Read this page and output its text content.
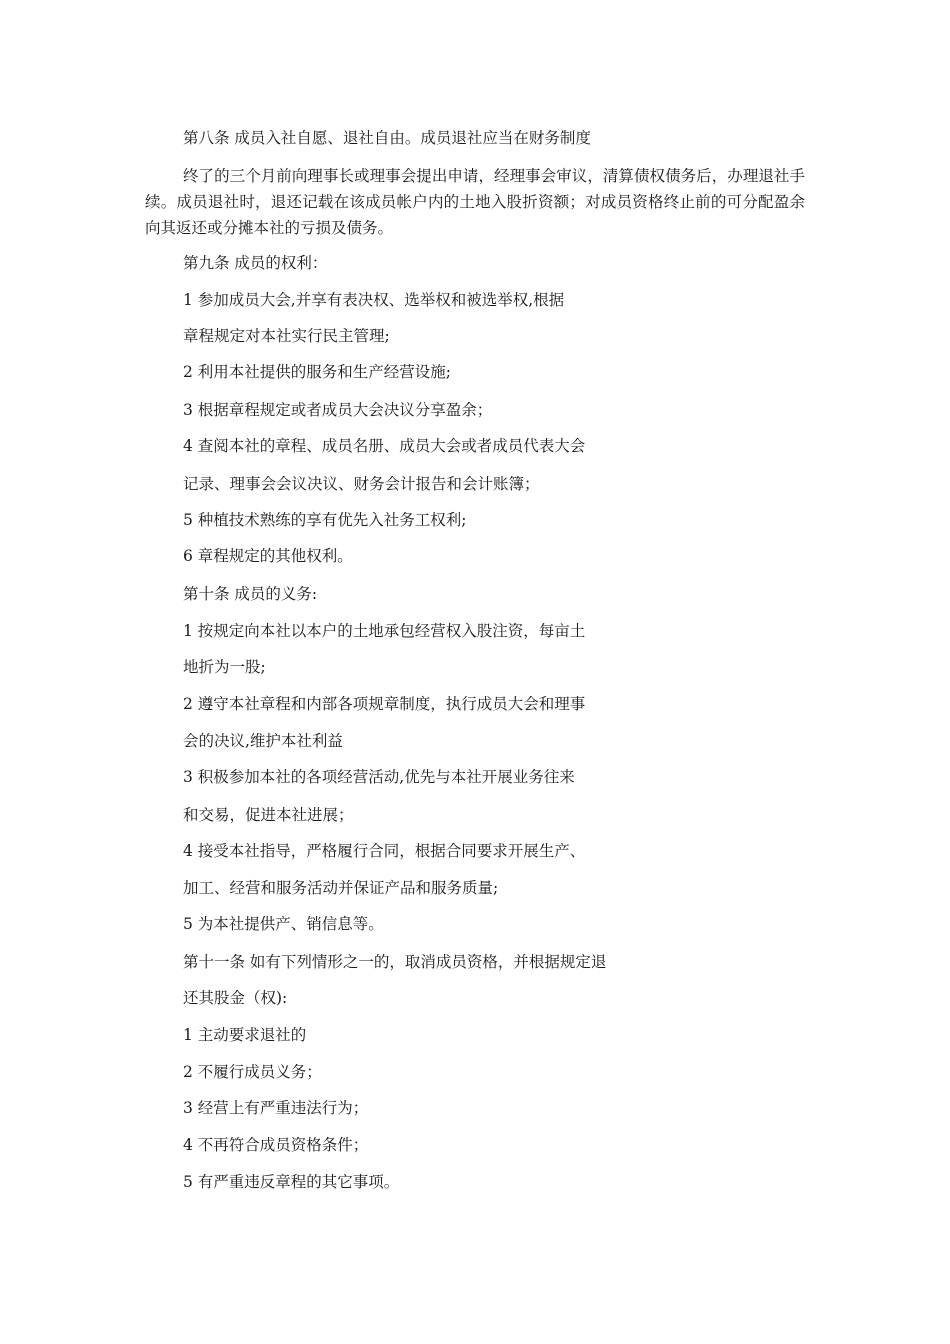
第八条 成员入社自愿、退社自由。成员退社应当在财务制度
终了的三个月前向理事长或理事会提出申请，经理事会审议，清算债权债务后，办理退社手续。成员退社时，退还记载在该成员帐户内的土地入股折资额；对成员资格终止前的可分配盈余向其返还或分摊本社的亏损及债务。
第九条 成员的权利：
1 参加成员大会,并享有表决权、选举权和被选举权,根据
章程规定对本社实行民主管理;
2 利用本社提供的服务和生产经营设施;
3 根据章程规定或者成员大会决议分享盈余；
4 查阅本社的章程、成员名册、成员大会或者成员代表大会
记录、理事会会议决议、财务会计报告和会计账簿；
5 种植技术熟练的享有优先入社务工权利;
6 章程规定的其他权利。
第十条 成员的义务:
1 按规定向本社以本户的土地承包经营权入股注资，每亩土
地折为一股;
2 遵守本社章程和内部各项规章制度，执行成员大会和理事
会的决议,维护本社利益
3 积极参加本社的各项经营活动,优先与本社开展业务往来
和交易，促进本社进展；
4 接受本社指导，严格履行合同，根据合同要求开展生产、
加工、经营和服务活动并保证产品和服务质量;
5 为本社提供产、销信息等。
第十一条 如有下列情形之一的，取消成员资格，并根据规定退
还其股金（权):
1 主动要求退社的
2 不履行成员义务；
3 经营上有严重违法行为；
4 不再符合成员资格条件；
5 有严重违反章程的其它事项。
